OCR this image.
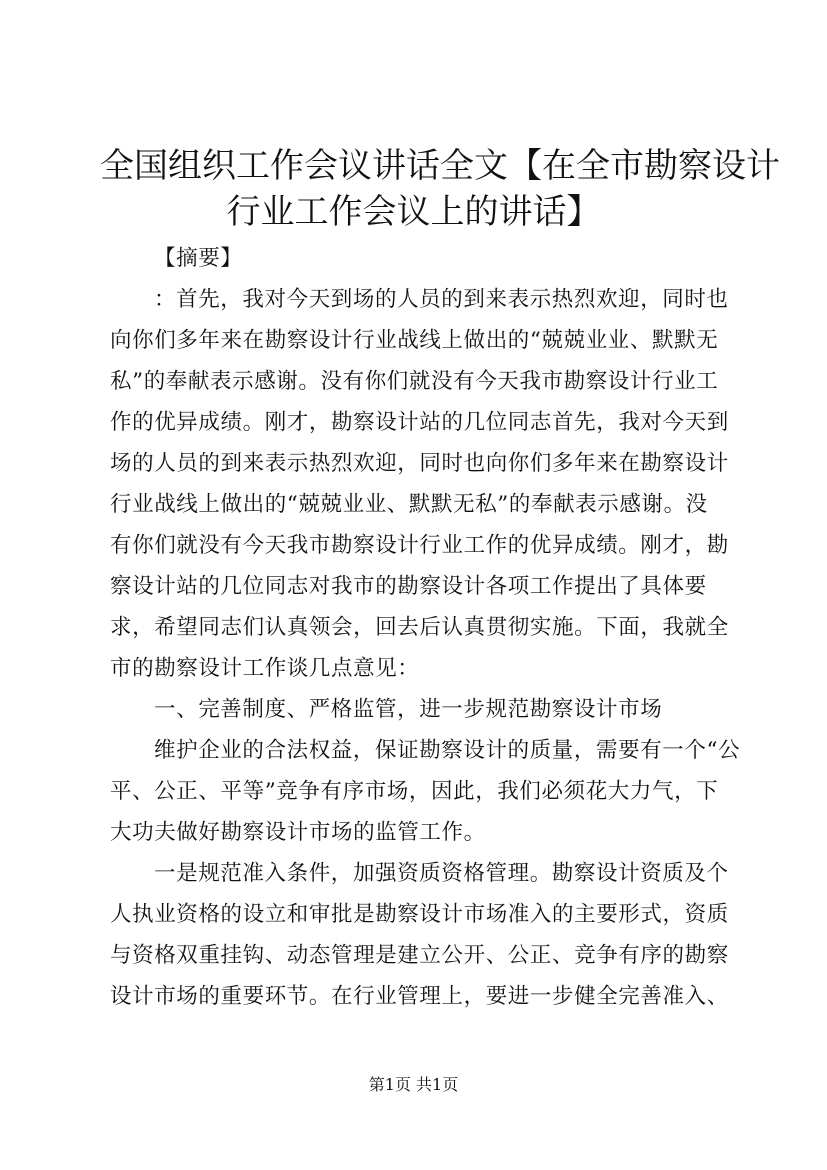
全国组织工作会议讲话全文【在全市勘察设计
行业工作会议上的讲话】
【摘要】
：首先，我对今天到场的人员的到来表示热烈欢迎，同时也
向你们多年来在勘察设计行业战线上做出的“兢兢业业、默默无
私”的奉献表示感谢。没有你们就没有今天我市勘察设计行业工
作的优异成绩。刚才，勘察设计站的几位同志首先，我对今天到
场的人员的到来表示热烈欢迎，同时也向你们多年来在勘察设计
行业战线上做出的“兢兢业业、默默无私”的奉献表示感谢。没
有你们就没有今天我市勘察设计行业工作的优异成绩。刚才，勘
察设计站的几位同志对我市的勘察设计各项工作提出了具体要
求，希望同志们认真领会，回去后认真贯彻实施。下面，我就全
市的勘察设计工作谈几点意见：
一、完善制度、严格监管，进一步规范勘察设计市场
维护企业的合法权益，保证勘察设计的质量，需要有一个“公
平、公正、平等”竞争有序市场，因此，我们必须花大力气，下
大功夫做好勘察设计市场的监管工作。
一是规范准入条件，加强资质资格管理。勘察设计资质及个
人执业资格的设立和审批是勘察设计市场准入的主要形式，资质
与资格双重挂钩、动态管理是建立公开、公正、竞争有序的勘察
设计市场的重要环节。在行业管理上，要进一步健全完善准入、
第1页 共1页
